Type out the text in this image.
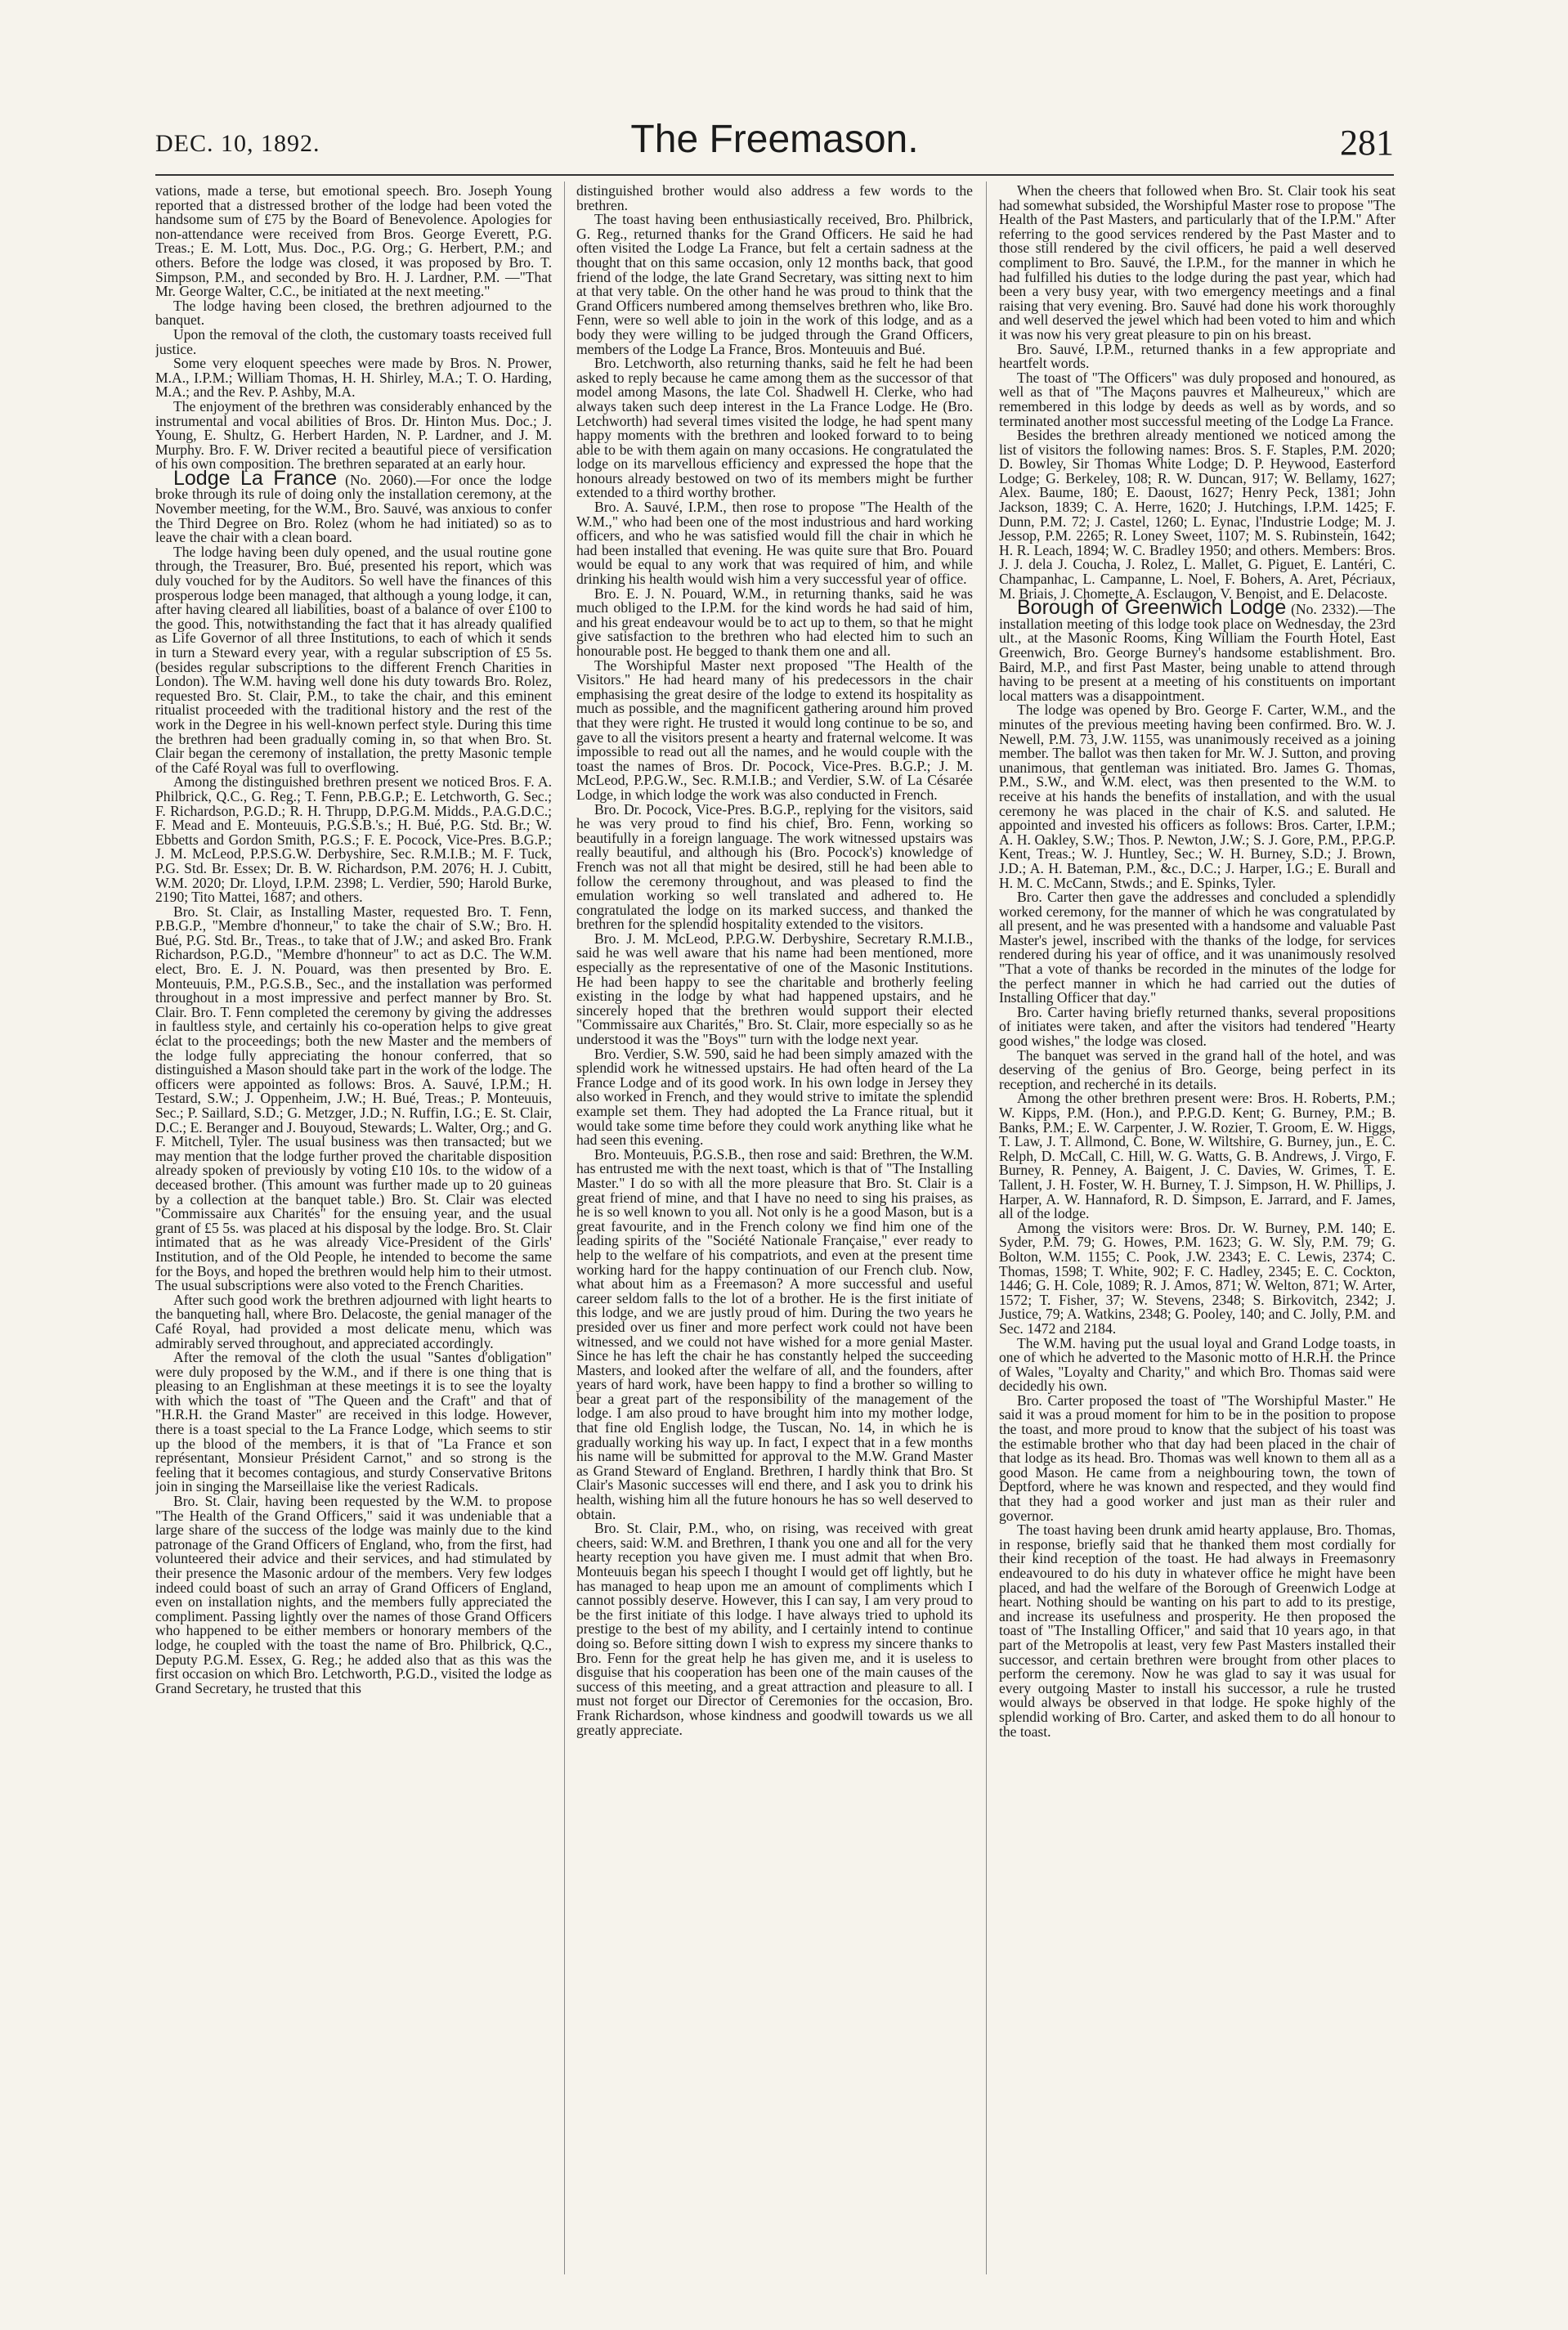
DEC. 10, 1892.	The Freemason.	281

vations, made a terse, but emotional speech. Bro. Joseph Young reported that a distressed brother of the lodge had been voted the handsome sum of £75 by the Board of Benevolence. Apologies for non-attendance were received from Bros. George Everett, P.G. Treas.; E. M. Lott, Mus. Doc., P.G. Org.; G. Herbert, P.M.; and others. Before the lodge was closed, it was proposed by Bro. T. Simpson, P.M., and seconded by Bro. H. J. Lardner, P.M. —"That Mr. George Walter, C.C., be initiated at the next meeting."

The lodge having been closed, the brethren adjourned to the banquet.

Upon the removal of the cloth, the customary toasts received full justice.

Some very eloquent speeches were made by Bros. N. Prower, M.A., I.P.M.; William Thomas, H. H. Shirley, M.A.; T. O. Harding, M.A.; and the Rev. P. Ashby, M.A.

The enjoyment of the brethren was considerably enhanced by the instrumental and vocal abilities of Bros. Dr. Hinton Mus. Doc.; J. Young, E. Shultz, G. Herbert Harden, N. P. Lardner, and J. M. Murphy. Bro. F. W. Driver recited a beautiful piece of versification of his own composition. The brethren separated at an early hour.

Lodge La France (No. 2060).—For once the lodge broke through its rule of doing only the installation ceremony, at the November meeting, for the W.M., Bro. Sauvé, was anxious to confer the Third Degree on Bro. Rolez (whom he had initiated) so as to leave the chair with a clean board.

The lodge having been duly opened, and the usual routine gone through, the Treasurer, Bro. Bué, presented his report, which was duly vouched for by the Auditors. So well have the finances of this prosperous lodge been managed, that although a young lodge, it can, after having cleared all liabilities, boast of a balance of over £100 to the good. This, notwithstanding the fact that it has already qualified as Life Governor of all three Institutions, to each of which it sends in turn a Steward every year, with a regular subscription of £5 5s. (besides regular subscriptions to the different French Charities in London). The W.M. having well done his duty towards Bro. Rolez, requested Bro. St. Clair, P.M., to take the chair, and this eminent ritualist proceeded with the traditional history and the rest of the work in the Degree in his well-known perfect style. During this time the brethren had been gradually coming in, so that when Bro. St. Clair began the ceremony of installation, the pretty Masonic temple of the Café Royal was full to overflowing.

Among the distinguished brethren present we noticed Bros. F. A. Philbrick, Q.C., G. Reg.; T. Fenn, P.B.G.P.; E. Letchworth, G. Sec.; F. Richardson, P.G.D.; R. H. Thrupp, D.P.G.M. Midds., P.A.G.D.C.; F. Mead and E. Monteuuis, P.G.S.B.'s.; H. Bué, P.G. Std. Br.; W. Ebbetts and Gordon Smith, P.G.S.; F. E. Pocock, Vice-Pres. B.G.P.; J. M. McLeod, P.P.S.G.W. Derbyshire, Sec. R.M.I.B.; M. F. Tuck, P.G. Std. Br. Essex; Dr. B. W. Richardson, P.M. 2076; H. J. Cubitt, W.M. 2020; Dr. Lloyd, I.P.M. 2398; L. Verdier, 590; Harold Burke, 2190; Tito Mattei, 1687; and others.

Bro. St. Clair, as Installing Master, requested Bro. T. Fenn, P.B.G.P., "Membre d'honneur," to take the chair of S.W.; Bro. H. Bué, P.G. Std. Br., Treas., to take that of J.W.; and asked Bro. Frank Richardson, P.G.D., "Membre d'honneur" to act as D.C. The W.M. elect, Bro. E. J. N. Pouard, was then presented by Bro. E. Monteuuis, P.M., P.G.S.B., Sec., and the installation was performed throughout in a most impressive and perfect manner by Bro. St. Clair. Bro. T. Fenn completed the ceremony by giving the addresses in faultless style, and certainly his co-operation helps to give great éclat to the proceedings; both the new Master and the members of the lodge fully appreciating the honour conferred, that so distinguished a Mason should take part in the work of the lodge. The officers were appointed as follows: Bros. A. Sauvé, I.P.M.; H. Testard, S.W.; J. Oppenheim, J.W.; H. Bué, Treas.; P. Monteuuis, Sec.; P. Saillard, S.D.; G. Metzger, J.D.; N. Ruffin, I.G.; E. St. Clair, D.C.; E. Beranger and J. Bouyoud, Stewards; L. Walter, Org.; and G. F. Mitchell, Tyler. The usual business was then transacted; but we may mention that the lodge further proved the charitable disposition already spoken of previously by voting £10 10s. to the widow of a deceased brother. (This amount was further made up to 20 guineas by a collection at the banquet table.) Bro. St. Clair was elected "Commissaire aux Charités" for the ensuing year, and the usual grant of £5 5s. was placed at his disposal by the lodge. Bro. St. Clair intimated that as he was already Vice-President of the Girls' Institution, and of the Old People, he intended to become the same for the Boys, and hoped the brethren would help him to their utmost. The usual subscriptions were also voted to the French Charities.

After such good work the brethren adjourned with light hearts to the banqueting hall, where Bro. Delacoste, the genial manager of the Café Royal, had provided a most delicate menu, which was admirably served throughout, and appreciated accordingly.

After the removal of the cloth the usual "Santes d'obligation" were duly proposed by the W.M., and if there is one thing that is pleasing to an Englishman at these meetings it is to see the loyalty with which the toast of "The Queen and the Craft" and that of "H.R.H. the Grand Master" are received in this lodge. However, there is a toast special to the La France Lodge, which seems to stir up the blood of the members, it is that of "La France et son représentant, Monsieur Président Carnot," and so strong is the feeling that it becomes contagious, and sturdy Conservative Britons join in singing the Marseillaise like the veriest Radicals.

Bro. St. Clair, having been requested by the W.M. to propose "The Health of the Grand Officers," said it was undeniable that a large share of the success of the lodge was mainly due to the kind patronage of the Grand Officers of England, who, from the first, had volunteered their advice and their services, and had stimulated by their presence the Masonic ardour of the members. Very few lodges indeed could boast of such an array of Grand Officers of England, even on installation nights, and the members fully appreciated the compliment. Passing lightly over the names of those Grand Officers who happened to be either members or honorary members of the lodge, he coupled with the toast the name of Bro. Philbrick, Q.C., Deputy P.G.M. Essex, G. Reg.; he added also that as this was the first occasion on which Bro. Letchworth, P.G.D., visited the lodge as Grand Secretary, he trusted that this

distinguished brother would also address a few words to the brethren.

The toast having been enthusiastically received, Bro. Philbrick, G. Reg., returned thanks for the Grand Officers. He said he had often visited the Lodge La France, but felt a certain sadness at the thought that on this same occasion, only 12 months back, that good friend of the lodge, the late Grand Secretary, was sitting next to him at that very table. On the other hand he was proud to think that the Grand Officers numbered among themselves brethren who, like Bro. Fenn, were so well able to join in the work of this lodge, and as a body they were willing to be judged through the Grand Officers, members of the Lodge La France, Bros. Monteuuis and Bué.

Bro. Letchworth, also returning thanks, said he felt he had been asked to reply because he came among them as the successor of that model among Masons, the late Col. Shadwell H. Clerke, who had always taken such deep interest in the La France Lodge. He (Bro. Letchworth) had several times visited the lodge, he had spent many happy moments with the brethren and looked forward to to being able to be with them again on many occasions. He congratulated the lodge on its marvellous efficiency and expressed the hope that the honours already bestowed on two of its members might be further extended to a third worthy brother.

Bro. A. Sauvé, I.P.M., then rose to propose "The Health of the W.M.," who had been one of the most industrious and hard working officers, and who he was satisfied would fill the chair in which he had been installed that evening. He was quite sure that Bro. Pouard would be equal to any work that was required of him, and while drinking his health would wish him a very successful year of office.

Bro. E. J. N. Pouard, W.M., in returning thanks, said he was much obliged to the I.P.M. for the kind words he had said of him, and his great endeavour would be to act up to them, so that he might give satisfaction to the brethren who had elected him to such an honourable post. He begged to thank them one and all.

The Worshipful Master next proposed "The Health of the Visitors." He had heard many of his predecessors in the chair emphasising the great desire of the lodge to extend its hospitality as much as possible, and the magnificent gathering around him proved that they were right. He trusted it would long continue to be so, and gave to all the visitors present a hearty and fraternal welcome. It was impossible to read out all the names, and he would couple with the toast the names of Bros. Dr. Pocock, Vice-Pres. B.G.P.; J. M. McLeod, P.P.G.W., Sec. R.M.I.B.; and Verdier, S.W. of La Césarée Lodge, in which lodge the work was also conducted in French.

Bro. Dr. Pocock, Vice-Pres. B.G.P., replying for the visitors, said he was very proud to find his chief, Bro. Fenn, working so beautifully in a foreign language. The work witnessed upstairs was really beautiful, and although his (Bro. Pocock's) knowledge of French was not all that might be desired, still he had been able to follow the ceremony throughout, and was pleased to find the emulation working so well translated and adhered to. He congratulated the lodge on its marked success, and thanked the brethren for the splendid hospitality extended to the visitors.

Bro. J. M. McLeod, P.P.G.W. Derbyshire, Secretary R.M.I.B., said he was well aware that his name had been mentioned, more especially as the representative of one of the Masonic Institutions. He had been happy to see the charitable and brotherly feeling existing in the lodge by what had happened upstairs, and he sincerely hoped that the brethren would support their elected "Commissaire aux Charités," Bro. St. Clair, more especially so as he understood it was the "Boys'" turn with the lodge next year.

Bro. Verdier, S.W. 590, said he had been simply amazed with the splendid work he witnessed upstairs. He had often heard of the La France Lodge and of its good work. In his own lodge in Jersey they also worked in French, and they would strive to imitate the splendid example set them. They had adopted the La France ritual, but it would take some time before they could work anything like what he had seen this evening.

Bro. Monteuuis, P.G.S.B., then rose and said: Brethren, the W.M. has entrusted me with the next toast, which is that of "The Installing Master." I do so with all the more pleasure that Bro. St. Clair is a great friend of mine, and that I have no need to sing his praises, as he is so well known to you all. Not only is he a good Mason, but is a great favourite, and in the French colony we find him one of the leading spirits of the "Société Nationale Française," ever ready to help to the welfare of his compatriots, and even at the present time working hard for the happy continuation of our French club. Now, what about him as a Freemason? A more successful and useful career seldom falls to the lot of a brother. He is the first initiate of this lodge, and we are justly proud of him. During the two years he presided over us finer and more perfect work could not have been witnessed, and we could not have wished for a more genial Master. Since he has left the chair he has constantly helped the succeeding Masters, and looked after the welfare of all, and the founders, after years of hard work, have been happy to find a brother so willing to bear a great part of the responsibility of the management of the lodge. I am also proud to have brought him into my mother lodge, that fine old English lodge, the Tuscan, No. 14, in which he is gradually working his way up. In fact, I expect that in a few months his name will be submitted for approval to the M.W. Grand Master as Grand Steward of England. Brethren, I hardly think that Bro. St Clair's Masonic successes will end there, and I ask you to drink his health, wishing him all the future honours he has so well deserved to obtain.

Bro. St. Clair, P.M., who, on rising, was received with great cheers, said: W.M. and Brethren, I thank you one and all for the very hearty reception you have given me. I must admit that when Bro. Monteuuis began his speech I thought I would get off lightly, but he has managed to heap upon me an amount of compliments which I cannot possibly deserve. However, this I can say, I am very proud to be the first initiate of this lodge. I have always tried to uphold its prestige to the best of my ability, and I certainly intend to continue doing so. Before sitting down I wish to express my sincere thanks to Bro. Fenn for the great help he has given me, and it is useless to disguise that his cooperation has been one of the main causes of the success of this meeting, and a great attraction and pleasure to all. I must not forget our Director of Ceremonies for the occasion, Bro. Frank Richardson, whose kindness and goodwill towards us we all greatly appreciate.

When the cheers that followed when Bro. St. Clair took his seat had somewhat subsided, the Worshipful Master rose to propose "The Health of the Past Masters, and particularly that of the I.P.M." After referring to the good services rendered by the Past Master and to those still rendered by the civil officers, he paid a well deserved compliment to Bro. Sauvé, the I.P.M., for the manner in which he had fulfilled his duties to the lodge during the past year, which had been a very busy year, with two emergency meetings and a final raising that very evening. Bro. Sauvé had done his work thoroughly and well deserved the jewel which had been voted to him and which it was now his very great pleasure to pin on his breast.

Bro. Sauvé, I.P.M., returned thanks in a few appropriate and heartfelt words.

The toast of "The Officers" was duly proposed and honoured, as well as that of "The Maçons pauvres et Malheureux," which are remembered in this lodge by deeds as well as by words, and so terminated another most successful meeting of the Lodge La France.

Besides the brethren already mentioned we noticed among the list of visitors the following names: Bros. S. F. Staples, P.M. 2020; D. Bowley, Sir Thomas White Lodge; D. P. Heywood, Easterford Lodge; G. Berkeley, 108; R. W. Duncan, 917; W. Bellamy, 1627; Alex. Baume, 180; E. Daoust, 1627; Henry Peck, 1381; John Jackson, 1839; C. A. Herre, 1620; J. Hutchings, I.P.M. 1425; F. Dunn, P.M. 72; J. Castel, 1260; L. Eynac, l'Industrie Lodge; M. J. Jessop, P.M. 2265; R. Loney Sweet, 1107; M. S. Rubinstein, 1642; H. R. Leach, 1894; W. C. Bradley 1950; and others. Members: Bros. J. J. dela J. Coucha, J. Rolez, L. Mallet, G. Piguet, E. Lantéri, C. Champanhac, L. Campanne, L. Noel, F. Bohers, A. Aret, Pécriaux, M. Briais, J. Chomette, A. Esclaugon, V. Benoist, and E. Delacoste.

Borough of Greenwich Lodge (No. 2332).—The installation meeting of this lodge took place on Wednesday, the 23rd ult., at the Masonic Rooms, King William the Fourth Hotel, East Greenwich, Bro. George Burney's handsome establishment. Bro. Baird, M.P., and first Past Master, being unable to attend through having to be present at a meeting of his constituents on important local matters was a disappointment.

The lodge was opened by Bro. George F. Carter, W.M., and the minutes of the previous meeting having been confirmed. Bro. W. J. Newell, P.M. 73, J.W. 1155, was unanimously received as a joining member. The ballot was then taken for Mr. W. J. Sutton, and proving unanimous, that gentleman was initiated. Bro. James G. Thomas, P.M., S.W., and W.M. elect, was then presented to the W.M. to receive at his hands the benefits of installation, and with the usual ceremony he was placed in the chair of K.S. and saluted. He appointed and invested his officers as follows: Bros. Carter, I.P.M.; A. H. Oakley, S.W.; Thos. P. Newton, J.W.; S. J. Gore, P.M., P.P.G.P. Kent, Treas.; W. J. Huntley, Sec.; W. H. Burney, S.D.; J. Brown, J.D.; A. H. Bateman, P.M., &c., D.C.; J. Harper, I.G.; E. Burall and H. M. C. McCann, Stwds.; and E. Spinks, Tyler.

Bro. Carter then gave the addresses and concluded a splendidly worked ceremony, for the manner of which he was congratulated by all present, and he was presented with a handsome and valuable Past Master's jewel, inscribed with the thanks of the lodge, for services rendered during his year of office, and it was unanimously resolved "That a vote of thanks be recorded in the minutes of the lodge for the perfect manner in which he had carried out the duties of Installing Officer that day."

Bro. Carter having briefly returned thanks, several propositions of initiates were taken, and after the visitors had tendered "Hearty good wishes," the lodge was closed.

The banquet was served in the grand hall of the hotel, and was deserving of the genius of Bro. George, being perfect in its reception, and recherché in its details.

Among the other brethren present were: Bros. H. Roberts, P.M.; W. Kipps, P.M. (Hon.), and P.P.G.D. Kent; G. Burney, P.M.; B. Banks, P.M.; E. W. Carpenter, J. W. Rozier, T. Groom, E. W. Higgs, T. Law, J. T. Allmond, C. Bone, W. Wiltshire, G. Burney, jun., E. C. Relph, D. McCall, C. Hill, W. G. Watts, G. B. Andrews, J. Virgo, F. Burney, R. Penney, A. Baigent, J. C. Davies, W. Grimes, T. E. Tallent, J. H. Foster, W. H. Burney, T. J. Simpson, H. W. Phillips, J. Harper, A. W. Hannaford, R. D. Simpson, E. Jarrard, and F. James, all of the lodge.

Among the visitors were: Bros. Dr. W. Burney, P.M. 140; E. Syder, P.M. 79; G. Howes, P.M. 1623; G. W. Sly, P.M. 79; G. Bolton, W.M. 1155; C. Pook, J.W. 2343; E. C. Lewis, 2374; C. Thomas, 1598; T. White, 902; F. C. Hadley, 2345; E. C. Cockton, 1446; G. H. Cole, 1089; R. J. Amos, 871; W. Welton, 871; W. Arter, 1572; T. Fisher, 37; W. Stevens, 2348; S. Birkovitch, 2342; J. Justice, 79; A. Watkins, 2348; G. Pooley, 140; and C. Jolly, P.M. and Sec. 1472 and 2184.

The W.M. having put the usual loyal and Grand Lodge toasts, in one of which he adverted to the Masonic motto of H.R.H. the Prince of Wales, "Loyalty and Charity," and which Bro. Thomas said were decidedly his own.

Bro. Carter proposed the toast of "The Worshipful Master." He said it was a proud moment for him to be in the position to propose the toast, and more proud to know that the subject of his toast was the estimable brother who that day had been placed in the chair of that lodge as its head. Bro. Thomas was well known to them all as a good Mason. He came from a neighbouring town, the town of Deptford, where he was known and respected, and they would find that they had a good worker and just man as their ruler and governor.

The toast having been drunk amid hearty applause, Bro. Thomas, in response, briefly said that he thanked them most cordially for their kind reception of the toast. He had always in Freemasonry endeavoured to do his duty in whatever office he might have been placed, and had the welfare of the Borough of Greenwich Lodge at heart. Nothing should be wanting on his part to add to its prestige, and increase its usefulness and prosperity. He then proposed the toast of "The Installing Officer," and said that 10 years ago, in that part of the Metropolis at least, very few Past Masters installed their successor, and certain brethren were brought from other places to perform the ceremony. Now he was glad to say it was usual for every outgoing Master to install his successor, a rule he trusted would always be observed in that lodge. He spoke highly of the splendid working of Bro. Carter, and asked them to do all honour to the toast.
